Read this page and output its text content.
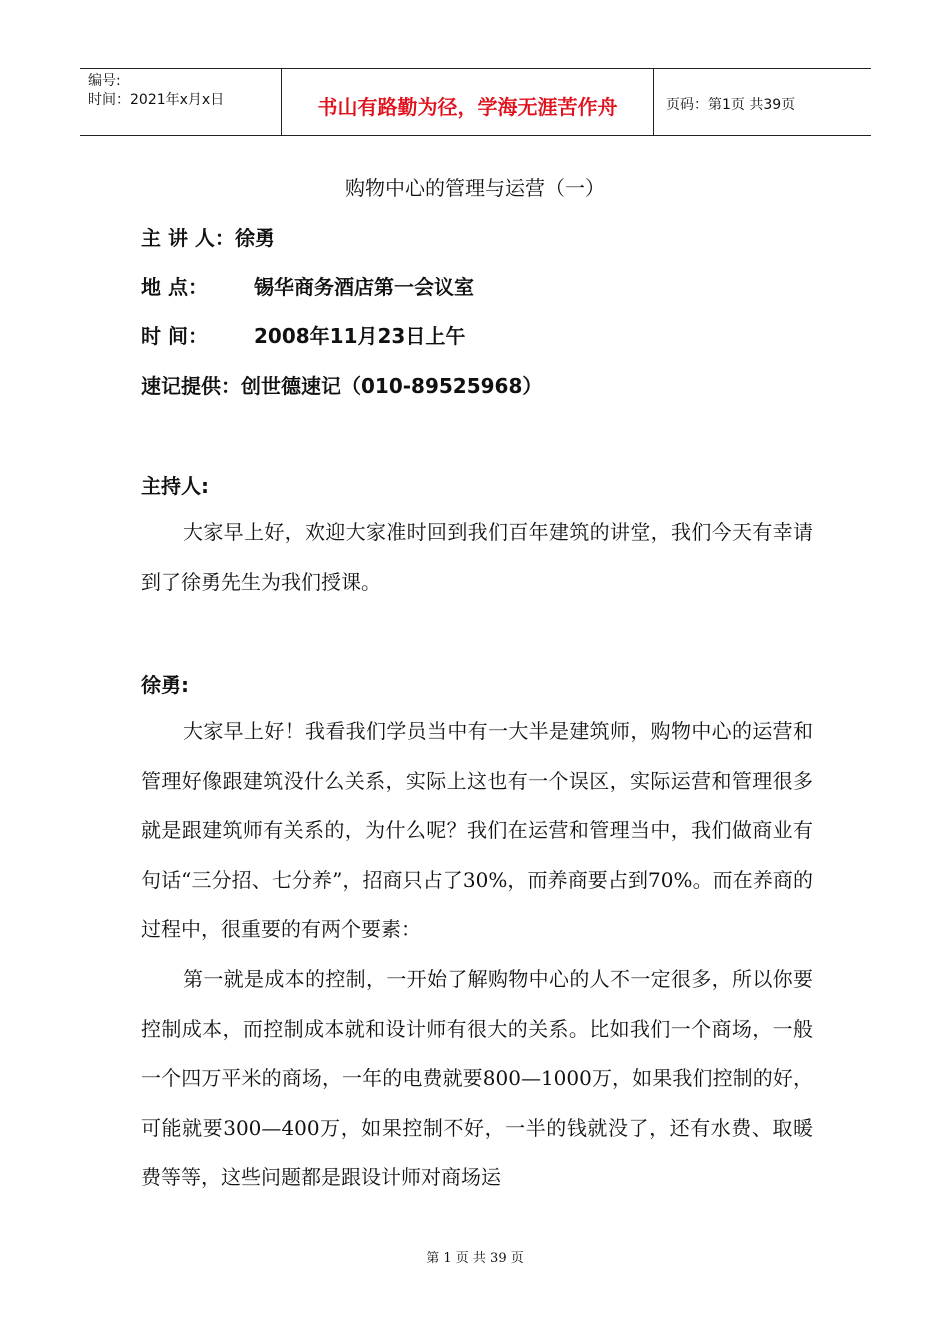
编号:
时间：2021年x月x日	书山有路勤为径，学海无涯苦作舟	页码：第1页 共39页
购物中心的管理与运营（一）
主 讲 人：徐勇
地 点： 锡华商务酒店第一会议室
时 间： 2008年11月23日上午
速记提供：创世德速记（010-89525968）
主持人:
大家早上好，欢迎大家准时回到我们百年建筑的讲堂，我们今天有幸请到了徐勇先生为我们授课。
徐勇:
大家早上好！我看我们学员当中有一大半是建筑师，购物中心的运营和管理好像跟建筑没什么关系，实际上这也有一个误区，实际运营和管理很多就是跟建筑师有关系的，为什么呢？我们在运营和管理当中，我们做商业有句话“三分招、七分养”，招商只占了30%，而养商要占到70%。而在养商的过程中，很重要的有两个要素：
第一就是成本的控制，一开始了解购物中心的人不一定很多，所以你要控制成本，而控制成本就和设计师有很大的关系。比如我们一个商场，一般一个四万平米的商场，一年的电费就要800—1000万，如果我们控制的好，可能就要300—400万，如果控制不好，一半的钱就没了，还有水费、取暖费等等，这些问题都是跟设计师对商场运
第 1 页 共 39 页
